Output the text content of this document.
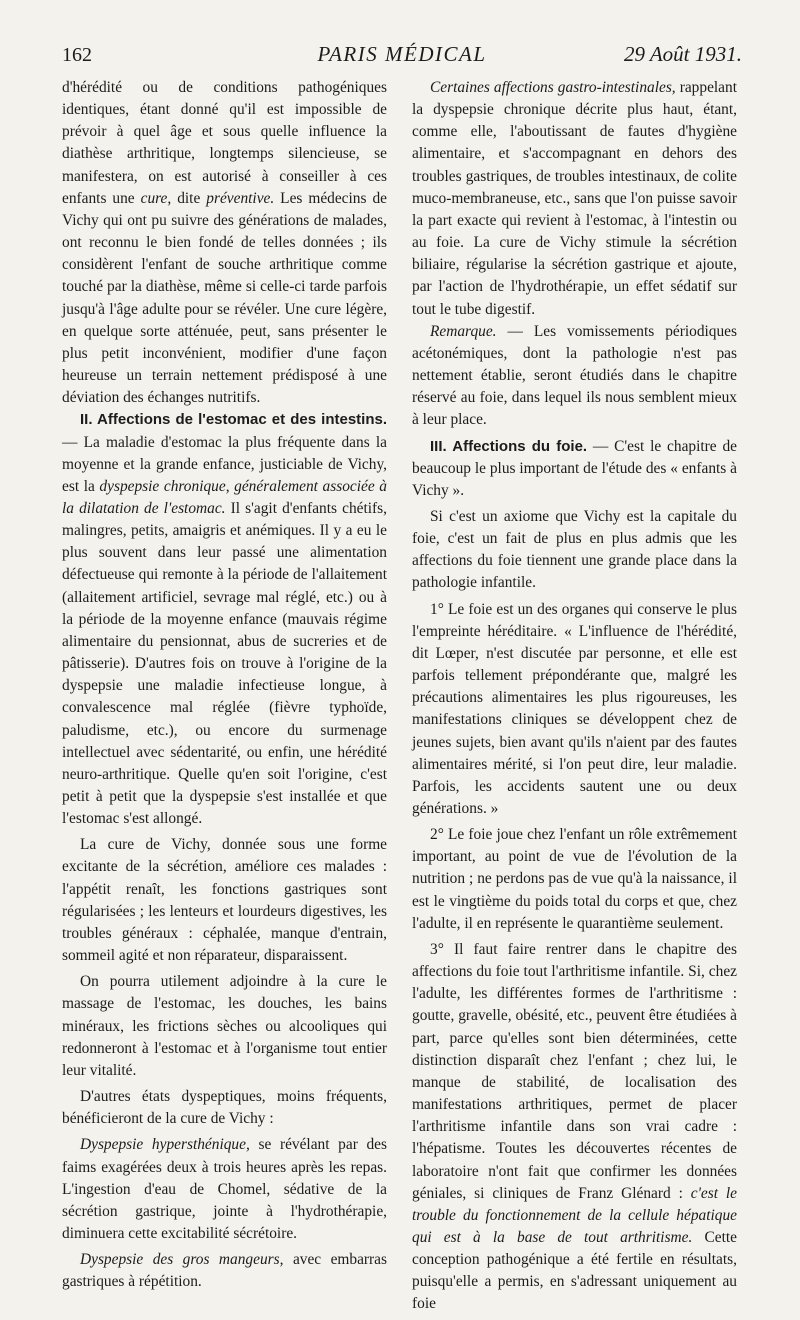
162	PARIS MÉDICAL	29 Août 1931.

d'hérédité ou de conditions pathogéniques identiques, étant donné qu'il est impossible de prévoir à quel âge et sous quelle influence la diathèse arthritique, longtemps silencieuse, se manifestera, on est autorisé à conseiller à ces enfants une cure, dite préventive. Les médecins de Vichy qui ont pu suivre des générations de malades, ont reconnu le bien fondé de telles données ; ils considèrent l'enfant de souche arthritique comme touché par la diathèse, même si celle-ci tarde parfois jusqu'à l'âge adulte pour se révéler. Une cure légère, en quelque sorte atténuée, peut, sans présenter le plus petit inconvénient, modifier d'une façon heureuse un terrain nettement prédisposé à une déviation des échanges nutritifs.

II. Affections de l'estomac et des intestins. — La maladie d'estomac la plus fréquente dans la moyenne et la grande enfance, justiciable de Vichy, est la dyspepsie chronique, généralement associée à la dilatation de l'estomac. Il s'agit d'enfants chétifs, malingres, petits, amaigris et anémiques. Il y a eu le plus souvent dans leur passé une alimentation défectueuse qui remonte à la période de l'allaitement (allaitement artificiel, sevrage mal réglé, etc.) ou à la période de la moyenne enfance (mauvais régime alimentaire du pensionnat, abus de sucreries et de pâtisserie). D'autres fois on trouve à l'origine de la dyspepsie une maladie infectieuse longue, à convalescence mal réglée (fièvre typhoïde, paludisme, etc.), ou encore du surmenage intellectuel avec sédentarité, ou enfin, une hérédité neuro-arthritique. Quelle qu'en soit l'origine, c'est petit à petit que la dyspepsie s'est installée et que l'estomac s'est allongé.

La cure de Vichy, donnée sous une forme excitante de la sécrétion, améliore ces malades : l'appétit renaît, les fonctions gastriques sont régularisées ; les lenteurs et lourdeurs digestives, les troubles généraux : céphalée, manque d'entrain, sommeil agité et non réparateur, disparaissent.

On pourra utilement adjoindre à la cure le massage de l'estomac, les douches, les bains minéraux, les frictions sèches ou alcooliques qui redonneront à l'estomac et à l'organisme tout entier leur vitalité.

D'autres états dyspeptiques, moins fréquents, bénéficieront de la cure de Vichy :

Dyspepsie hypersthénique, se révélant par des faims exagérées deux à trois heures après les repas. L'ingestion d'eau de Chomel, sédative de la sécrétion gastrique, jointe à l'hydrothérapie, diminuera cette excitabilité sécrétoire.

Dyspepsie des gros mangeurs, avec embarras gastriques à répétition.

Certaines affections gastro-intestinales, rappelant la dyspepsie chronique décrite plus haut, étant, comme elle, l'aboutissant de fautes d'hygiène alimentaire, et s'accompagnant en dehors des troubles gastriques, de troubles intestinaux, de colite muco-membraneuse, etc., sans que l'on puisse savoir la part exacte qui revient à l'estomac, à l'intestin ou au foie. La cure de Vichy stimule la sécrétion biliaire, régularise la sécrétion gastrique et ajoute, par l'action de l'hydrothérapie, un effet sédatif sur tout le tube digestif.

Remarque. — Les vomissements périodiques acétonémiques, dont la pathologie n'est pas nettement établie, seront étudiés dans le chapitre réservé au foie, dans lequel ils nous semblent mieux à leur place.

III. Affections du foie. — C'est le chapitre de beaucoup le plus important de l'étude des « enfants à Vichy ».

Si c'est un axiome que Vichy est la capitale du foie, c'est un fait de plus en plus admis que les affections du foie tiennent une grande place dans la pathologie infantile.

1° Le foie est un des organes qui conserve le plus l'empreinte héréditaire. « L'influence de l'hérédité, dit Lœper, n'est discutée par personne, et elle est parfois tellement prépondérante que, malgré les précautions alimentaires les plus rigoureuses, les manifestations cliniques se développent chez de jeunes sujets, bien avant qu'ils n'aient par des fautes alimentaires mérité, si l'on peut dire, leur maladie. Parfois, les accidents sautent une ou deux générations. »

2° Le foie joue chez l'enfant un rôle extrêmement important, au point de vue de l'évolution de la nutrition ; ne perdons pas de vue qu'à la naissance, il est le vingtième du poids total du corps et que, chez l'adulte, il en représente le quarantième seulement.

3° Il faut faire rentrer dans le chapitre des affections du foie tout l'arthritisme infantile. Si, chez l'adulte, les différentes formes de l'arthritisme : goutte, gravelle, obésité, etc., peuvent être étudiées à part, parce qu'elles sont bien déterminées, cette distinction disparaît chez l'enfant ; chez lui, le manque de stabilité, de localisation des manifestations arthritiques, permet de placer l'arthritisme infantile dans son vrai cadre : l'hépatisme. Toutes les découvertes récentes de laboratoire n'ont fait que confirmer les données géniales, si cliniques de Franz Glénard : c'est le trouble du fonctionnement de la cellule hépatique qui est à la base de tout arthritisme. Cette conception pathogénique a été fertile en résultats, puisqu'elle a permis, en s'adressant uniquement au foie
